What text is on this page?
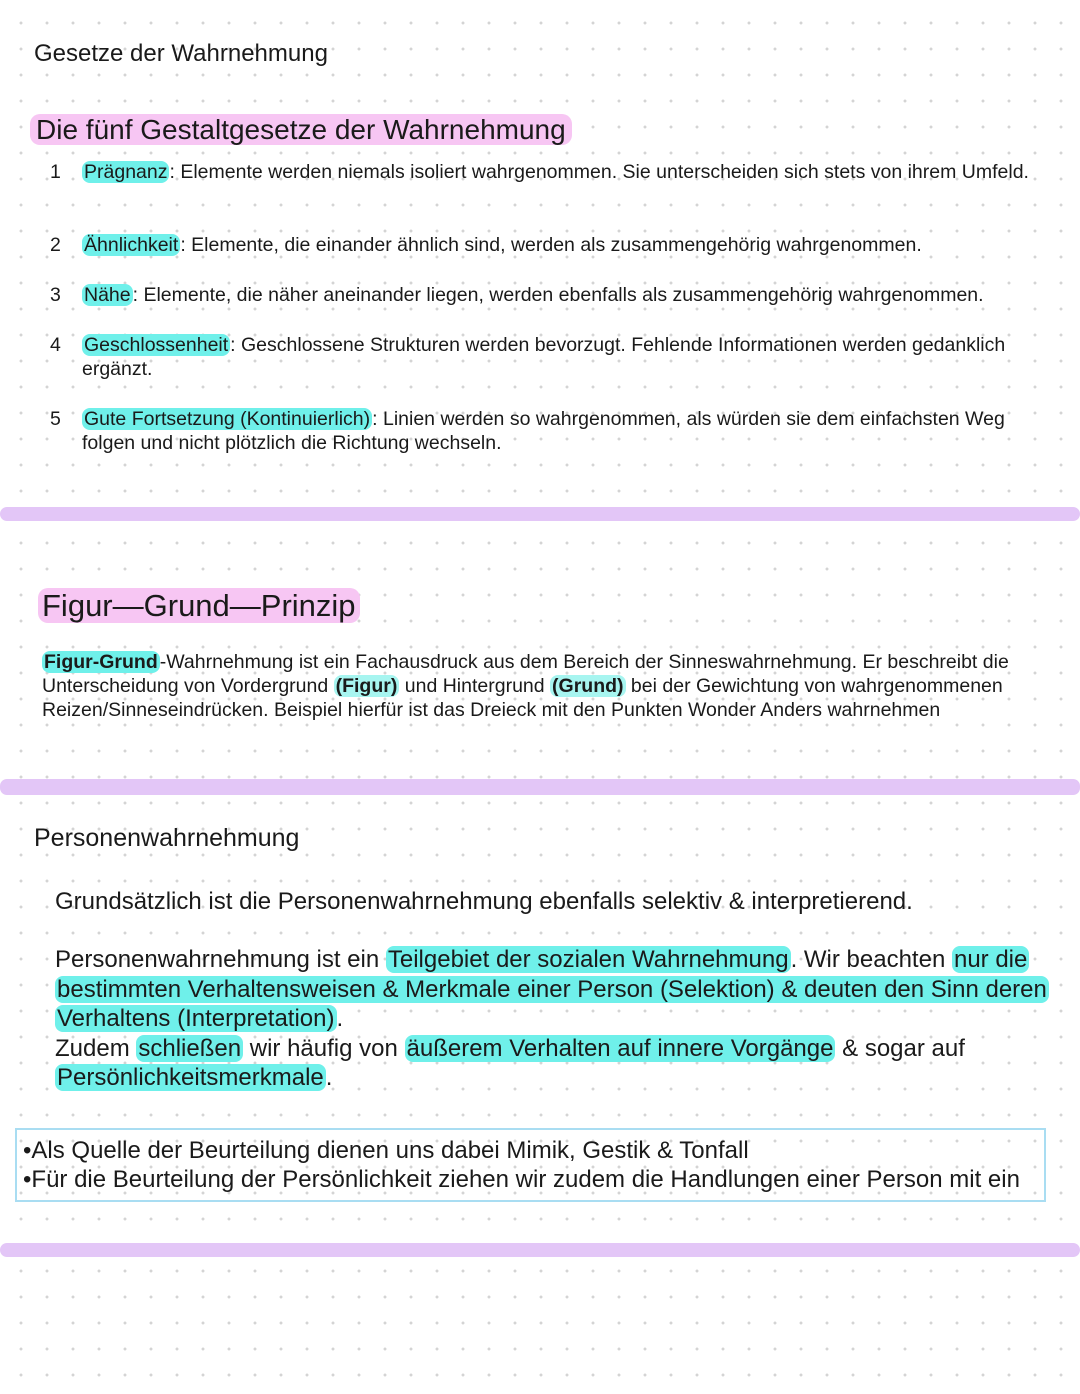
Gesetze der Wahrnehmung
Die fünf Gestaltgesetze der Wahrnehmung
1	Prägnanz : Elemente werden niemals isoliert wahrgenommen. Sie unterscheiden sich stets von ihrem Umfeld.
2	Ähnlichkeit : Elemente, die einander ähnlich sind, werden als zusammengehörig wahrgenommen.
3	Nähe : Elemente, die näher aneinander liegen, werden ebenfalls als zusammengehörig wahrgenommen.
4	Geschlossenheit : Geschlossene Strukturen werden bevorzugt. Fehlende Informationen werden gedanklich ergänzt.
5	Gute Fortsetzung (Kontinuierlich) : Linien werden so wahrgenommen, als würden sie dem einfachsten Weg folgen und nicht plötzlich die Richtung wechseln.
Figur—Grund—Prinzip
Figur-Grund -Wahrnehmung ist ein Fachausdruck aus dem Bereich der Sinneswahrnehmung. Er beschreibt die Unterscheidung von Vordergrund (Figur) und Hintergrund (Grund) bei der Gewichtung von wahrgenommenen Reizen/Sinneseindrücken. Beispiel hierfür ist das Dreieck mit den Punkten Wonder Anders wahrnehmen
Personenwahrnehmung
Grundsätzlich ist die Personenwahrnehmung ebenfalls selektiv & interpretierend.
Personenwahrnehmung ist ein Teilgebiet der sozialen Wahrnehmung. Wir beachten nur die bestimmten Verhaltensweisen & Merkmale einer Person (Selektion) & deuten den Sinn deren Verhaltens (Interpretation).
Zudem schließen wir häufig von äußerem Verhalten auf innere Vorgänge & sogar auf Persönlichkeitsmerkmale.
•Als Quelle der Beurteilung dienen uns dabei Mimik, Gestik & Tonfall
•Für die Beurteilung der Persönlichkeit ziehen wir zudem die Handlungen einer Person mit ein
